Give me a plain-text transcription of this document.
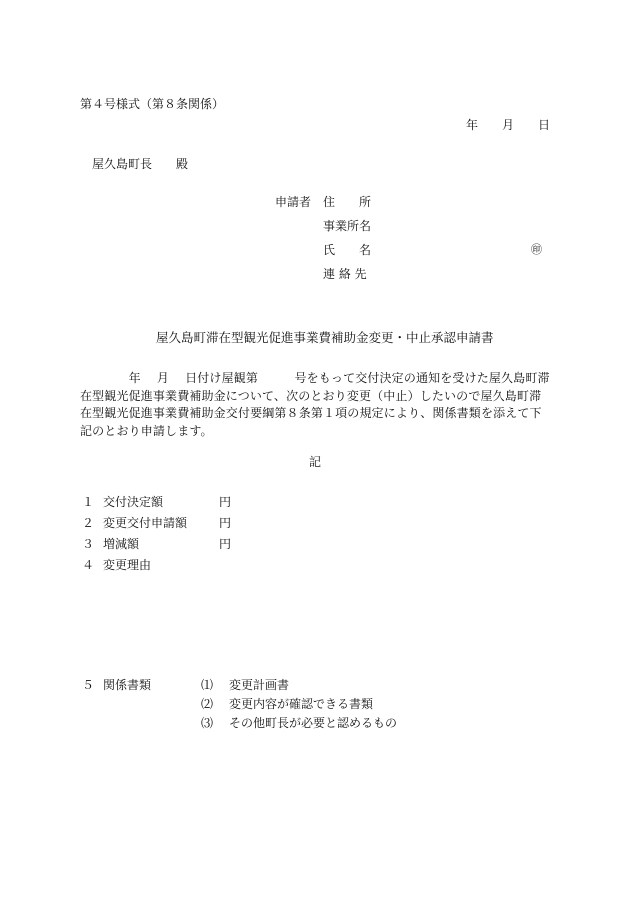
第４号様式（第８条関係）
年 月 日
屋久島町長 殿
申請者 住　　所
事業所名
氏　　名	㊞
連 絡 先
屋久島町滞在型観光促進事業費補助金変更・中止承認申請書
　　　　年　 月　 日付け屋観第　　　号をもって交付決定の通知を受けた屋久島町滞在型観光促進事業費補助金について、次のとおり変更（中止）したいので屋久島町滞在型観光促進事業費補助金交付要綱第８条第１項の規定により、関係書類を添えて下記のとおり申請します。
記
１ 交付決定額	円
２ 変更交付申請額	円
３ 増減額	円
４ 変更理由
５ 関係書類	⑴ 変更計画書
⑵ 変更内容が確認できる書類
⑶ その他町長が必要と認めるもの
